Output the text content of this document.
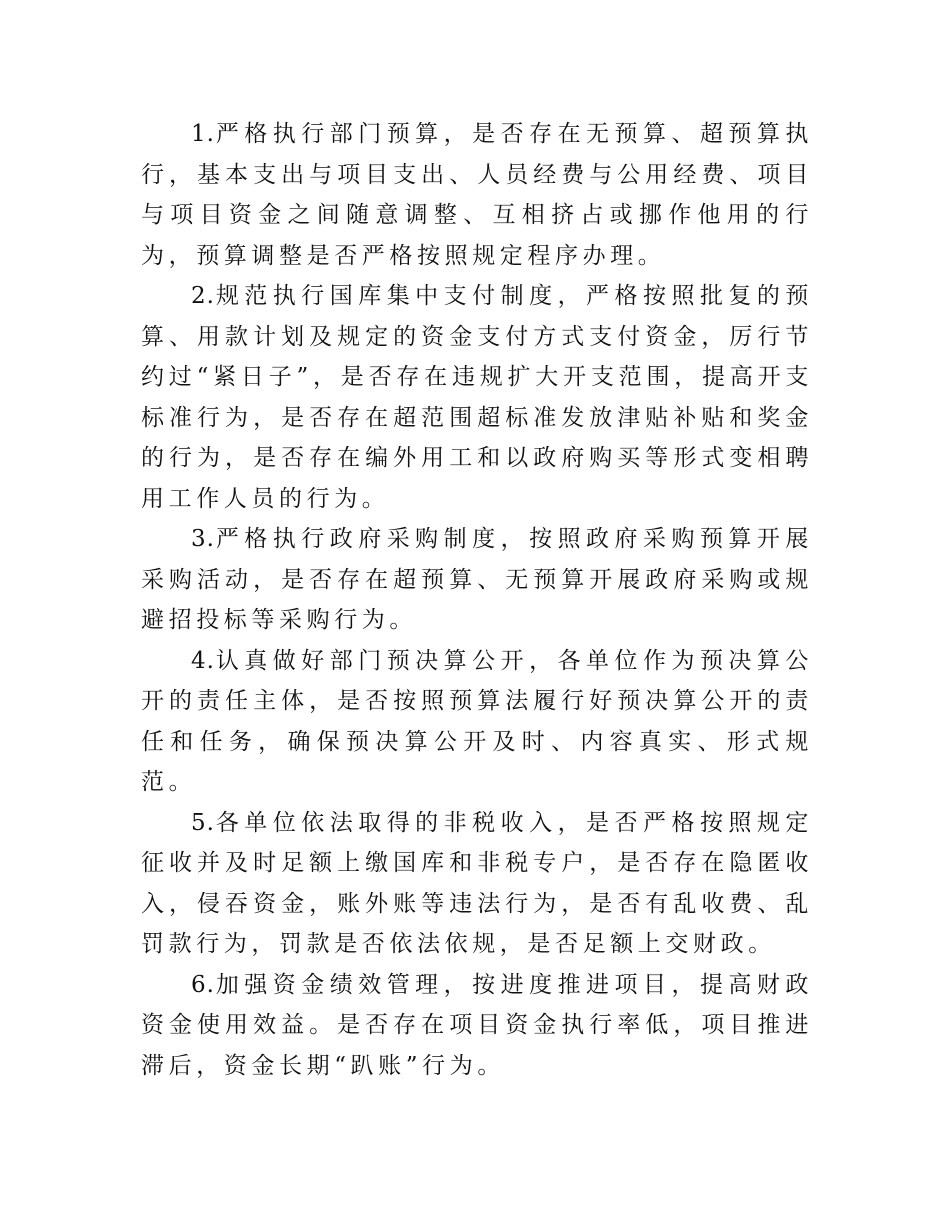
1.严格执行部门预算，是否存在无预算、超预算执行，基本支出与项目支出、人员经费与公用经费、项目与项目资金之间随意调整、互相挤占或挪作他用的行为，预算调整是否严格按照规定程序办理。

2.规范执行国库集中支付制度，严格按照批复的预算、用款计划及规定的资金支付方式支付资金，厉行节约过“紧日子”，是否存在违规扩大开支范围，提高开支标准行为，是否存在超范围超标准发放津贴补贴和奖金的行为，是否存在编外用工和以政府购买等形式变相聘用工作人员的行为。

3.严格执行政府采购制度，按照政府采购预算开展采购活动，是否存在超预算、无预算开展政府采购或规避招投标等采购行为。

4.认真做好部门预决算公开，各单位作为预决算公开的责任主体，是否按照预算法履行好预决算公开的责任和任务，确保预决算公开及时、内容真实、形式规范。

5.各单位依法取得的非税收入，是否严格按照规定征收并及时足额上缴国库和非税专户，是否存在隐匿收入，侵吞资金，账外账等违法行为，是否有乱收费、乱罚款行为，罚款是否依法依规，是否足额上交财政。

6.加强资金绩效管理，按进度推进项目，提高财政资金使用效益。是否存在项目资金执行率低，项目推进滞后，资金长期“趴账”行为。
